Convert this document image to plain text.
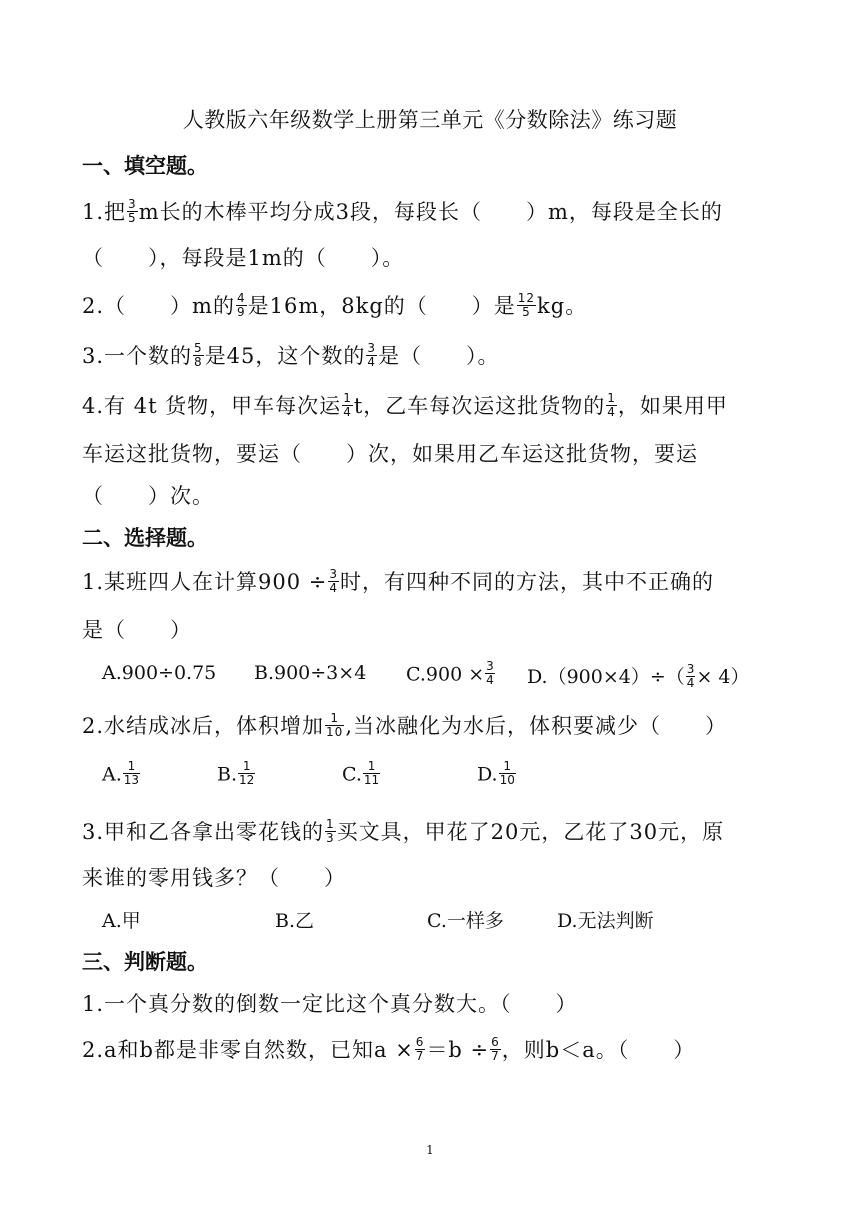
人教版六年级数学上册第三单元《分数除法》练习题
一、填空题。
1.把 $\frac{3}{5}$ m长的木棒平均分成3段，每段长（　　）m，每段是全长的
（　　），每段是1m的（　　）。
2.（　　）m的 $\frac{4}{9}$ 是16m，8kg的（　　）是 $\frac{12}{5}$ kg。
3.一个数的 $\frac{5}{8}$ 是45，这个数的 $\frac{3}{4}$ 是（　　）。
4.有 4t 货物，甲车每次运 $\frac{1}{4}$ t，乙车每次运这批货物的 $\frac{1}{4}$ ，如果用甲
车运这批货物，要运（　　）次，如果用乙车运这批货物，要运
（　　）次。
二、选择题。
1.某班四人在计算$900 \div \frac{3}{4}$ 时，有四种不同的方法，其中不正确的
是（　　）
A.900÷0.75 B.900÷3×4 $C.900 \times \frac{3}{4} D.(900\times 4)\div( \frac{3}{4} \times 4)$
2.水结成冰后，体积增加 $\frac{1}{10}$ ,当冰融化为水后，体积要减少（　　）
A. $\frac{1}{13}$	B. $\frac{1}{12}$	C. $\frac{1}{11}$	D. $\frac{1}{10}$
3.甲和乙各拿出零花钱的 $\frac{1}{3}$ 买文具，甲花了20元，乙花了30元，原
来谁的零用钱多？（　　）
A.甲	B.乙	C.一样多	D.无法判断
三、判断题。
1.一个真分数的倒数一定比这个真分数大。（　　）
2.a和b都是非零自然数，已知$a \times \frac{6}{7} =b \div \frac{6}{7}$ ，则b＜a。（　　）
1
